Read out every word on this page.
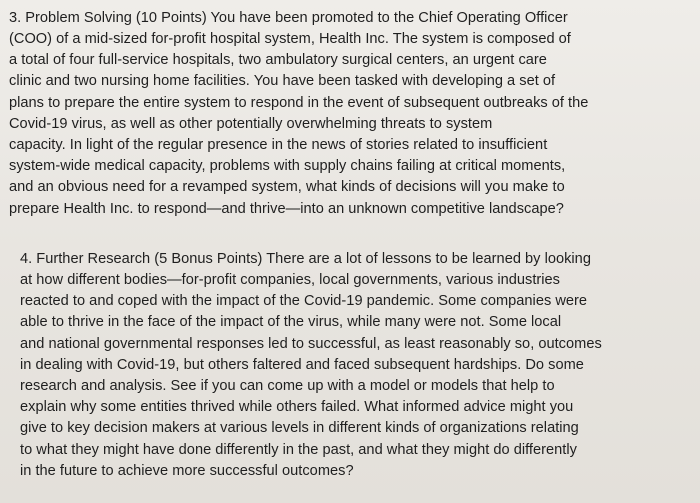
3. Problem Solving (10 Points) You have been promoted to the Chief Operating Officer
(COO) of a mid-sized for-profit hospital system, Health Inc. The system is composed of
a total of four full-service hospitals, two ambulatory surgical centers, an urgent care
clinic and two nursing home facilities. You have been tasked with developing a set of
plans to prepare the entire system to respond in the event of subsequent outbreaks of the
Covid-19 virus, as well as other potentially overwhelming threats to system
capacity. In light of the regular presence in the news of stories related to insufficient
system-wide medical capacity, problems with supply chains failing at critical moments,
and an obvious need for a revamped system, what kinds of decisions will you make to
prepare Health Inc. to respond—and thrive—into an unknown competitive landscape?
4. Further Research (5 Bonus Points) There are a lot of lessons to be learned by looking
at how different bodies—for-profit companies, local governments, various industries
reacted to and coped with the impact of the Covid-19 pandemic. Some companies were
able to thrive in the face of the impact of the virus, while many were not. Some local
and national governmental responses led to successful, as least reasonably so, outcomes
in dealing with Covid-19, but others faltered and faced subsequent hardships. Do some
research and analysis. See if you can come up with a model or models that help to
explain why some entities thrived while others failed. What informed advice might you
give to key decision makers at various levels in different kinds of organizations relating
to what they might have done differently in the past, and what they might do differently
in the future to achieve more successful outcomes?
